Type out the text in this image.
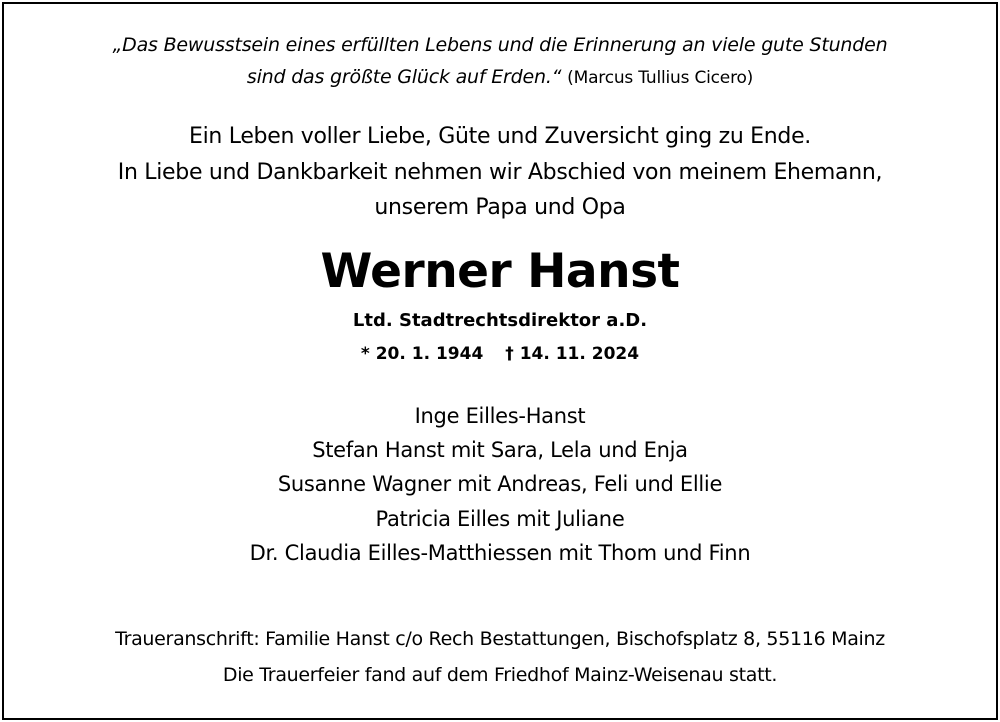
„Das Bewusstsein eines erfüllten Lebens und die Erinnerung an viele gute Stunden
sind das größte Glück auf Erden.“ (Marcus Tullius Cicero)
Ein Leben voller Liebe, Güte und Zuversicht ging zu Ende.
In Liebe und Dankbarkeit nehmen wir Abschied von meinem Ehemann,
unserem Papa und Opa
Werner Hanst
Ltd. Stadtrechtsdirektor a.D.
* 20. 1. 1944 † 14. 11. 2024
Inge Eilles-Hanst
Stefan Hanst mit Sara, Lela und Enja
Susanne Wagner mit Andreas, Feli und Ellie
Patricia Eilles mit Juliane
Dr. Claudia Eilles-Matthiessen mit Thom und Finn
Traueranschrift: Familie Hanst c/o Rech Bestattungen, Bischofsplatz 8, 55116 Mainz
Die Trauerfeier fand auf dem Friedhof Mainz-Weisenau statt.
